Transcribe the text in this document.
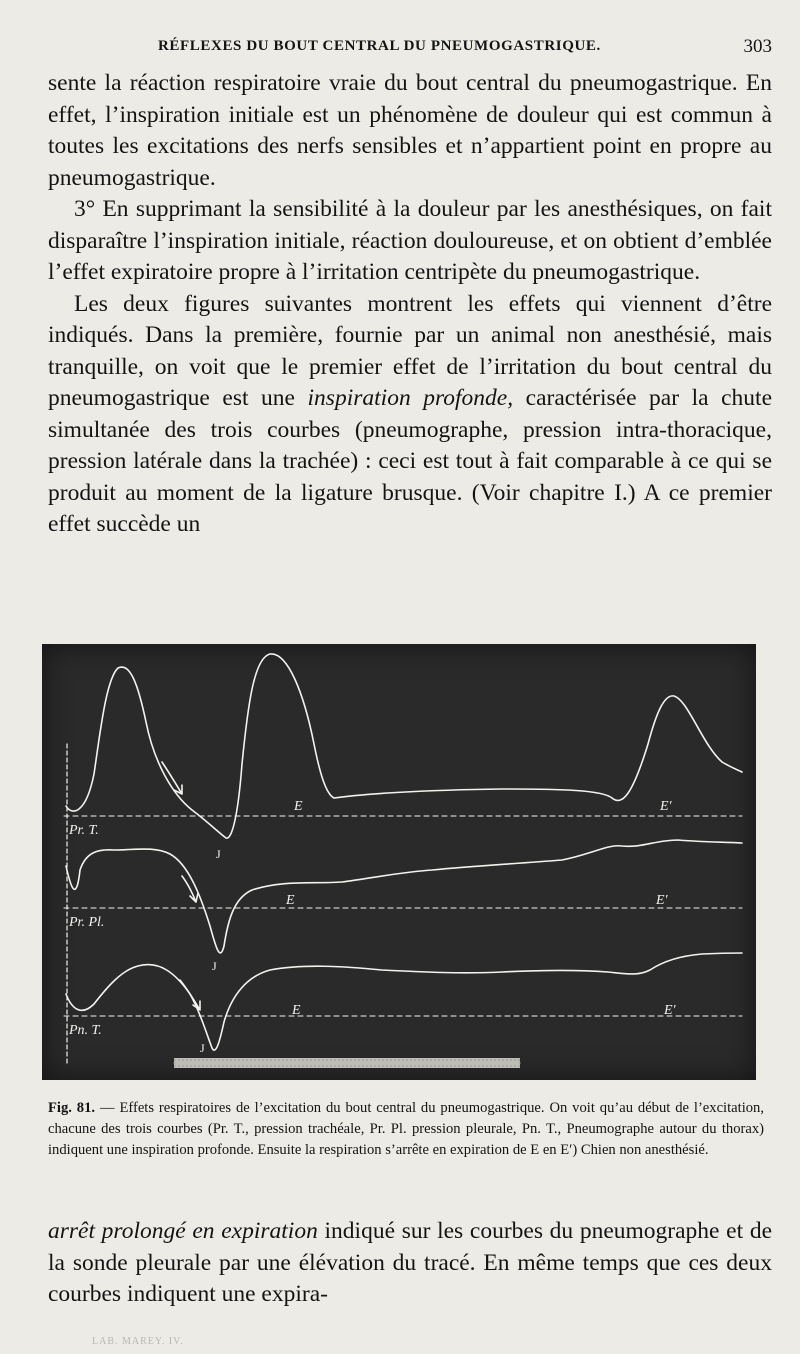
RÉFLEXES DU BOUT CENTRAL DU PNEUMOGASTRIQUE.	303

sente la réaction respiratoire vraie du bout central du pneumogastrique. En effet, l’inspiration initiale est un phénomène de douleur qui est commun à toutes les excitations des nerfs sensibles et n’appartient point en propre au pneumogastrique.

3° En supprimant la sensibilité à la douleur par les anesthésiques, on fait disparaître l’inspiration initiale, réaction douloureuse, et on obtient d’emblée l’effet expiratoire propre à l’irritation centripète du pneumogastrique.

Les deux figures suivantes montrent les effets qui viennent d’être indiqués. Dans la première, fournie par un animal non anesthésié, mais tranquille, on voit que le premier effet de l’irritation du bout central du pneumogastrique est une inspiration profonde, caractérisée par la chute simultanée des trois courbes (pneumographe, pression intra-thoracique, pression latérale dans la trachée) : ceci est tout à fait comparable à ce qui se produit au moment de la ligature brusque. (Voir chapitre I.) A ce premier effet succède un

Pr. T.
Pr. Pl.
Pn. T.
E	E′
E	E′
E	E′
J
J
J
Fig. 81. — Effets respiratoires de l’excitation du bout central du pneumogastrique. On voit qu’au début de l’excitation, chacune des trois courbes (Pr. T., pression trachéale, Pr. Pl. pression pleurale, Pn. T., Pneumographe autour du thorax) indiquent une inspiration profonde. Ensuite la respiration s’arrête en expiration de E en E′) Chien non anesthésié.

arrêt prolongé en expiration indiqué sur les courbes du pneumographe et de la sonde pleurale par une élévation du tracé. En même temps que ces deux courbes indiquent une expira-

LAB. MAREY. IV.
